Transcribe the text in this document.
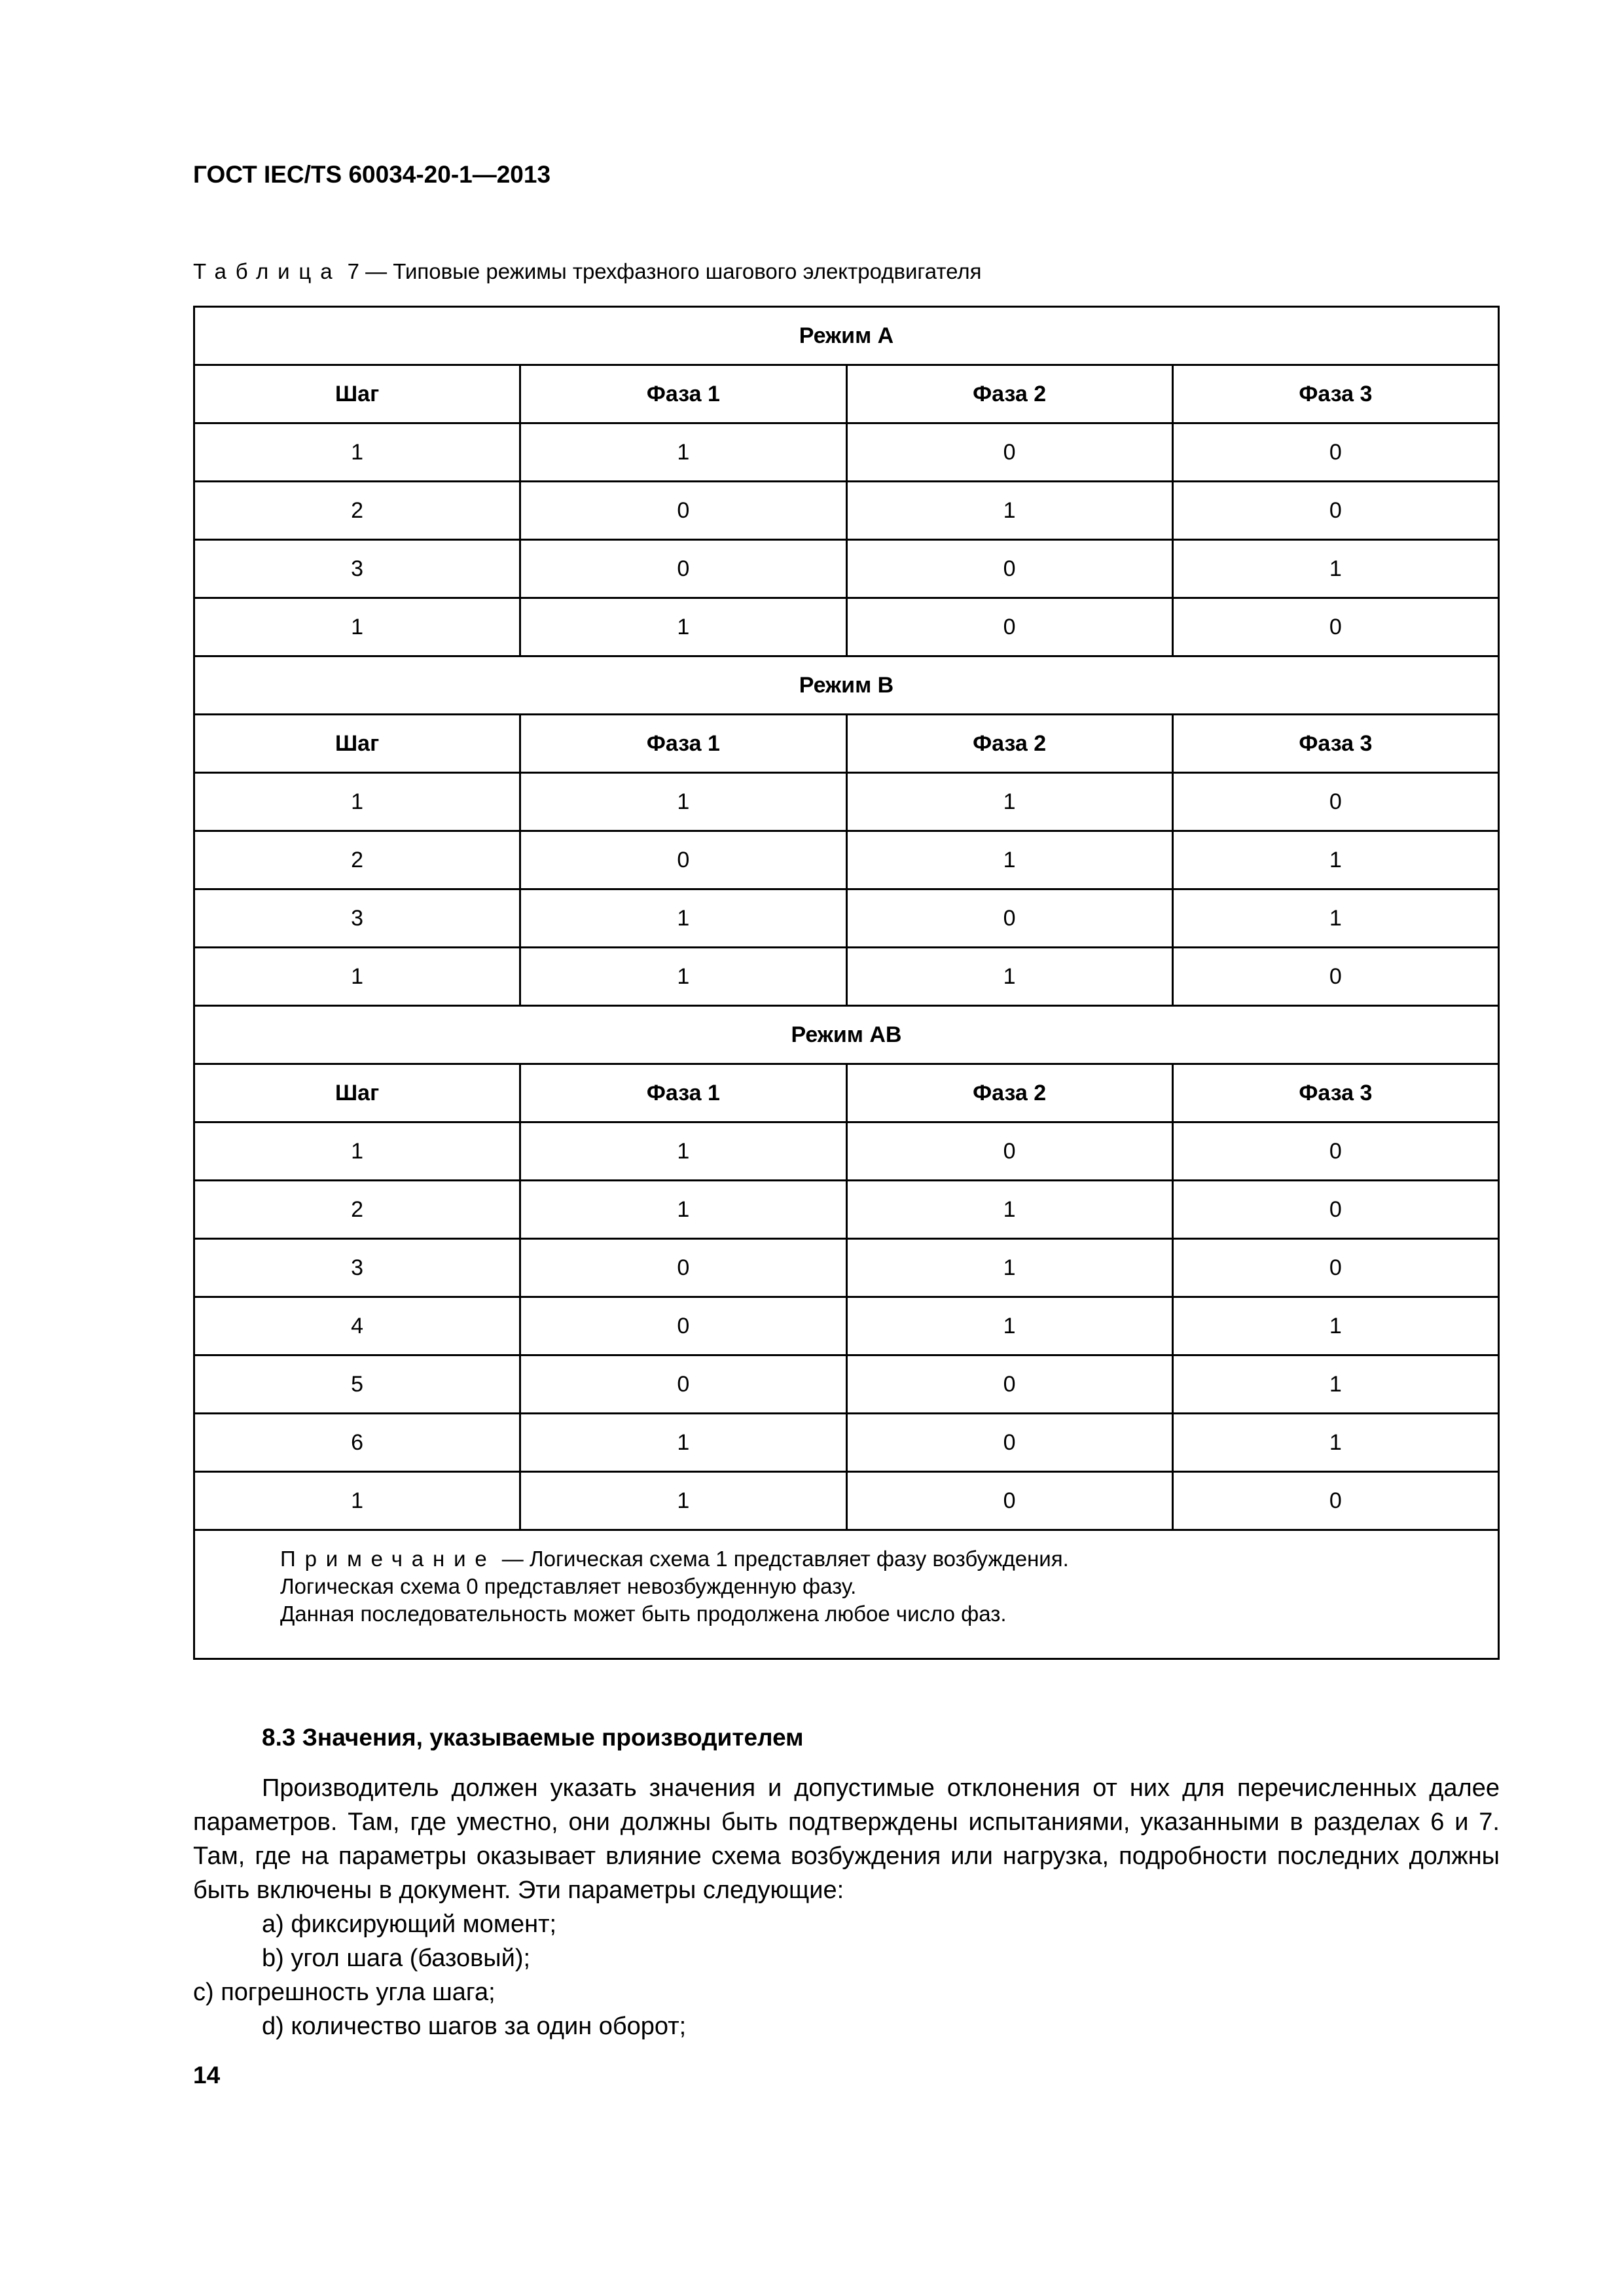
ГОСТ IEC/TS 60034-20-1—2013
Таблица 7 — Типовые режимы трехфазного шагового электродвигателя
Режим А			
Шаг	Фаза 1	Фаза 2	Фаза 3
1	1	0	0
2	0	1	0
3	0	0	1
1	1	0	0
Режим В			
Шаг	Фаза 1	Фаза 2	Фаза 3
1	1	1	0
2	0	1	1
3	1	0	1
1	1	1	0
Режим АВ			
Шаг	Фаза 1	Фаза 2	Фаза 3
1	1	0	0
2	1	1	0
3	0	1	0
4	0	1	1
5	0	0	1
6	1	0	1
1	1	0	0

Примечание — Логическая схема 1 представляет фазу возбуждения.
Логическая схема 0 представляет невозбужденную фазу.
Данная последовательность может быть продолжена любое число фаз.			
8.3 Значения, указываемые производителем

Производитель должен указать значения и допустимые отклонения от них для перечисленных далее параметров. Там, где уместно, они должны быть подтверждены испытаниями, указанными в разделах 6 и 7. Там, где на параметры оказывает влияние схема возбуждения или нагрузка, подробности последних должны быть включены в документ. Эти параметры следующие:

a) фиксирующий момент;
b) угол шага (базовый);
c) погрешность угла шага;
d) количество шагов за один оборот;
14
